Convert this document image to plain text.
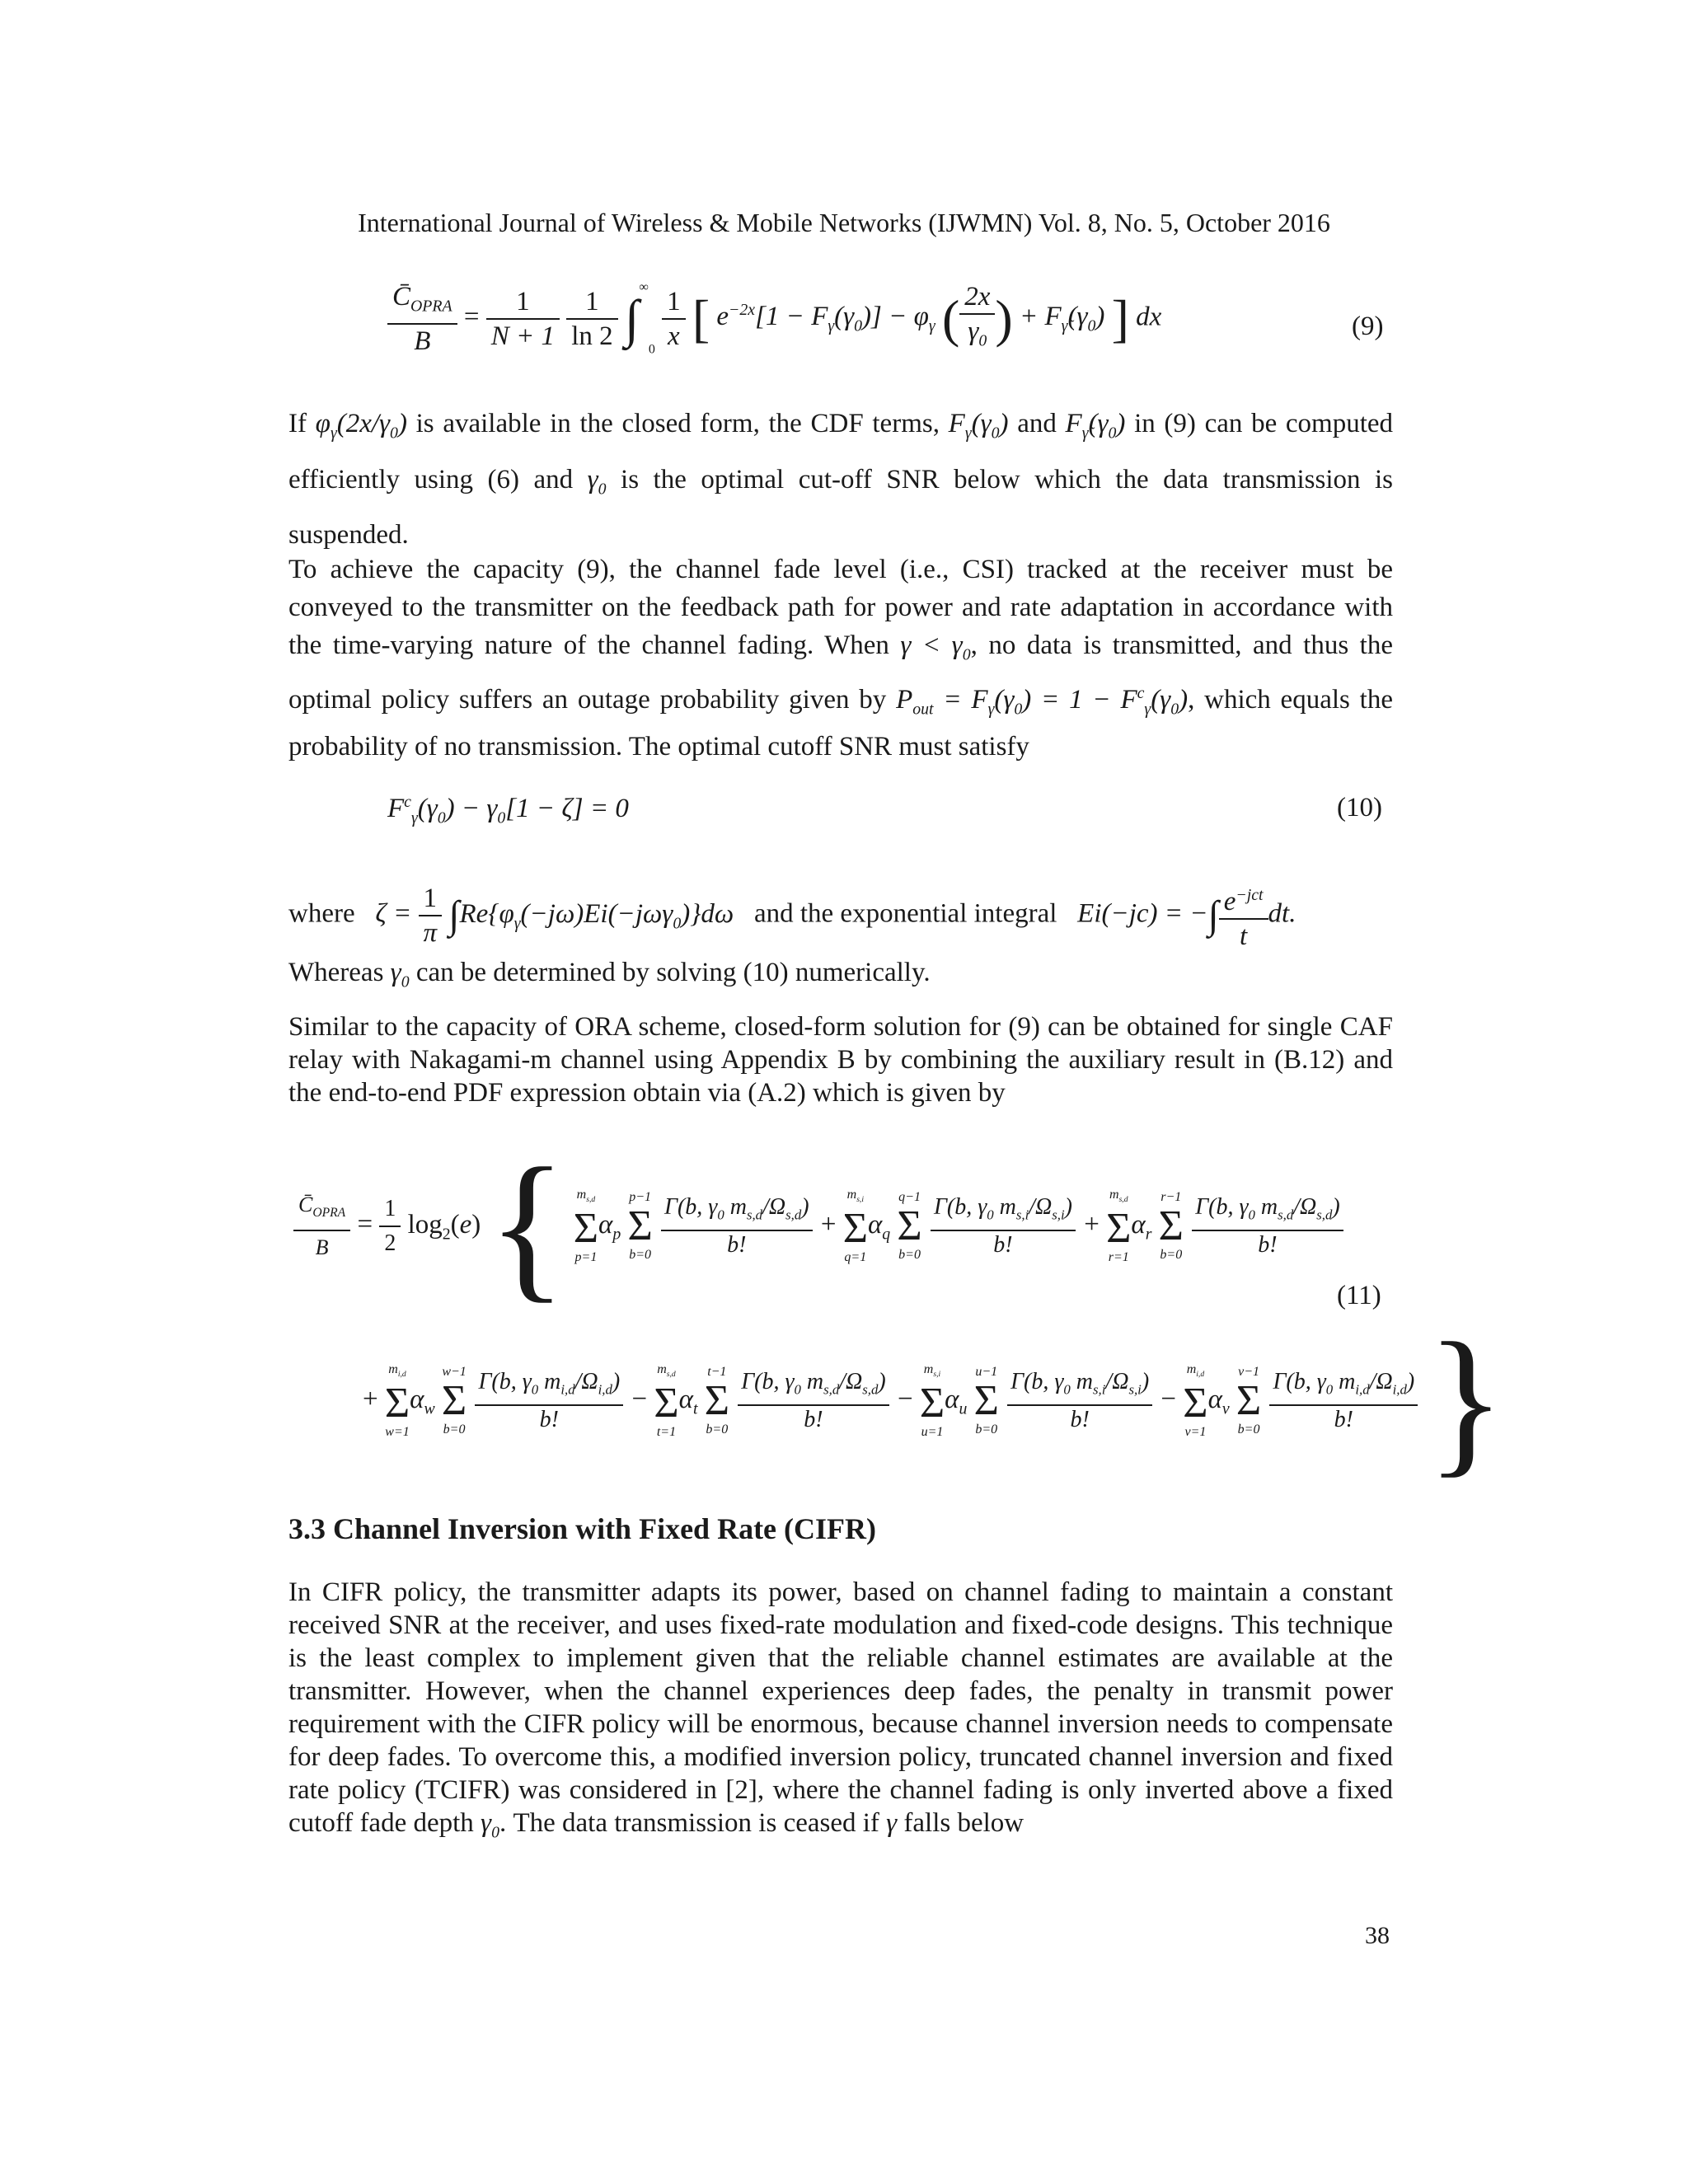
International Journal of Wireless & Mobile Networks (IJWMN) Vol. 8, No. 5, October 2016
$\frac{C̄_{OPRA}}{B} = \frac{1}{N + 1}$
$\frac{1}{\ln 2} \int^\infty 0 \frac{1}{x}$ [ $e^{-2x}[1 - F_\gamma(\gamma_0)] - \varphi_\gamma$ ( $\frac{2x}{\gamma_0}$ ) + $F_{\gammã}(\gamma_0)$ ] dx	(9)
If $\varphi_\gamma(2x/\gamma_0)$ is available in the closed form, the CDF terms, $F_\gamma(\gamma_0)$ and $F_{\gammã}(\gamma_0)$ in (9) can be computed efficiently using (6) and $\gamma_0$ is the optimal cut-off SNR below which the data transmission is suspended.
To achieve the capacity (9), the channel fade level (i.e., CSI) tracked at the receiver must be conveyed to the transmitter on the feedback path for power and rate adaptation in accordance with the time-varying nature of the channel fading. When $\gamma < \gamma_0$, no data is transmitted, and thus the optimal policy suffers an outage probability given by $P_{out} = F_\gamma(\gamma_0) = 1 - F^c_\gamma(\gamma_0)$, which equals the probability of no transmission. The optimal cutoff SNR must satisfy
$F^c_\gamma(\gamma_0) - \gamma_0[1 - \zeta] = 0$	(10)
where $\zeta = \frac{1}{\pi} \int Re\{\varphi_\gamma(-j\omega)Ei(-j\omega\gamma_0)\}d\omega$ and the exponential integral Ei(−jc) = −∫ $\frac{e^{-jct}}{t}$ dt.
Whereas $\gamma_0$ can be determined by solving (10) numerically.
Similar to the capacity of ORA scheme, closed-form solution for (9) can be obtained for single CAF relay with Nakagami-m channel using Appendix B by combining the auxiliary result in (B.12) and the end-to-end PDF expression obtain via (A.2) which is given by
$\frac{C̄_{OPRA}}{B} = \frac{1}{2} \log_2(e)$ { $m_{s,d}$
Σ
p=1
$\alpha_p$
p−1
Σ
b=0
$\frac{\Gamma(b, \gamma_0 m_{s,d}/\Omega_{s,d})}{b!}$ +
$m_{s,i}$
Σ
q=1
$\alpha_q$
q−1
Σ
b=0
$\frac{\Gamma(b, \gamma_0 m_{s,i}/\Omega_{s,i})}{b!}$ +
$m_{s,d}$
Σ
r=1
$\alpha_r$
r−1
Σ
b=0
$\frac{\Gamma(b, \gamma_0 m_{s,d}/\Omega_{s,d})}{b!}$
+
$m_{i,d}$
Σ
w=1
$\alpha_w$
w−1
Σ
b=0
$\frac{\Gamma(b, \gamma_0 m_{i,d}/\Omega_{i,d})}{b!}$ −
$m_{s,d}$
Σ
t=1
$\alpha_t$
t−1
Σ
b=0
$\frac{\Gamma(b, \gamma_0 m_{s,d}/\Omega_{s,d})}{b!}$ −
$m_{s,i}$
Σ
u=1
$\alpha_u$
u−1
Σ
b=0
$\frac{\Gamma(b, \gamma_0 m_{s,i}/\Omega_{s,i})}{b!}$ −
$m_{i,d}$
Σ
v=1
$\alpha_v$
v−1
Σ
b=0
$\frac{\Gamma(b, \gamma_0 m_{i,d}/\Omega_{i,d})}{b!}$ }
(11)
3.3 Channel Inversion with Fixed Rate (CIFR)
In CIFR policy, the transmitter adapts its power, based on channel fading to maintain a constant received SNR at the receiver, and uses fixed-rate modulation and fixed-code designs. This technique is the least complex to implement given that the reliable channel estimates are available at the transmitter. However, when the channel experiences deep fades, the penalty in transmit power requirement with the CIFR policy will be enormous, because channel inversion needs to compensate for deep fades. To overcome this, a modified inversion policy, truncated channel inversion and fixed rate policy (TCIFR) was considered in [2], where the channel fading is only inverted above a fixed cutoff fade depth $\gamma_0$. The data transmission is ceased if γ falls below
38
